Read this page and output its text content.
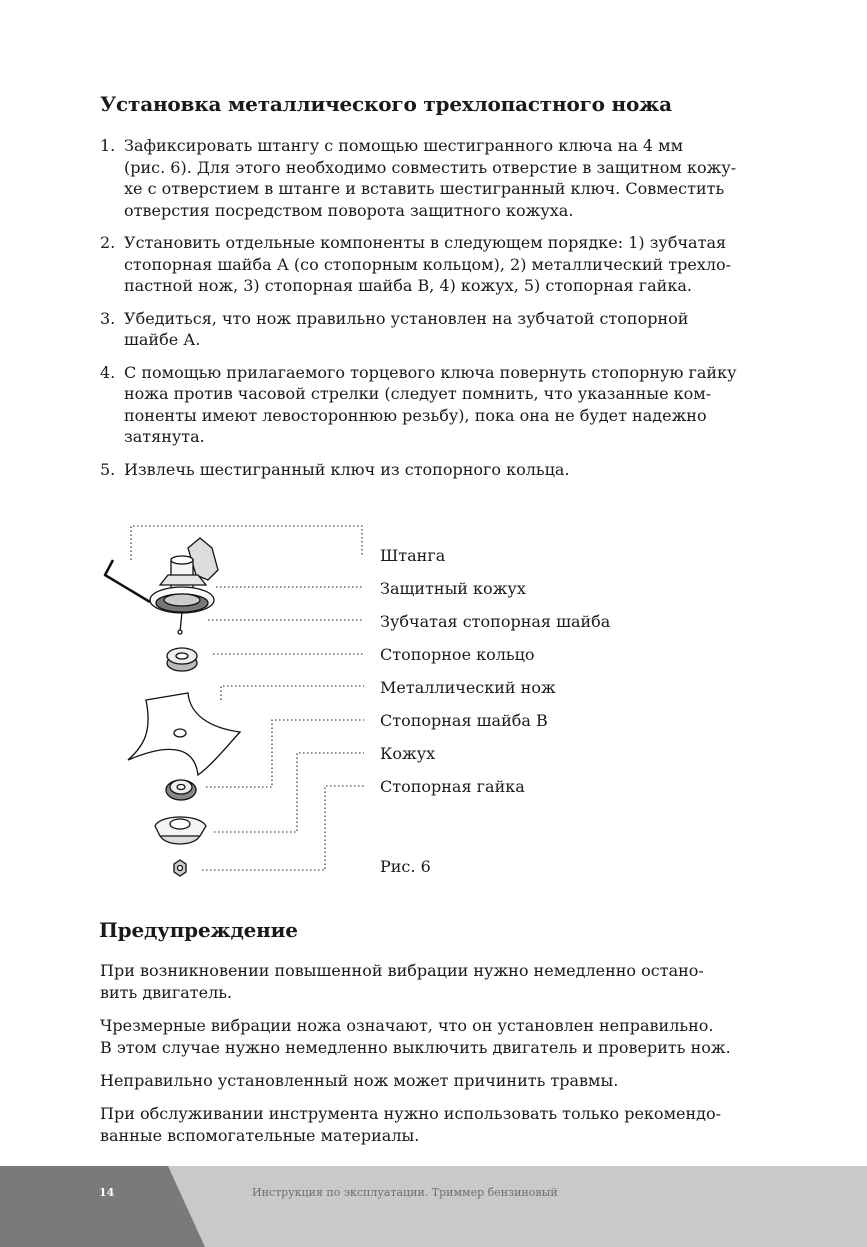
Установка металлического трехлопастного ножа
1. Зафиксировать штангу с помощью шестигранного ключа на 4 мм
(рис. 6). Для этого необходимо совместить отверстие в защитном кожу-
хе с отверстием в штанге и вставить шестигранный ключ. Совместить
отверстия посредством поворота защитного кожуха.
2. Установить отдельные компоненты в следующем порядке: 1) зубчатая
стопорная шайба А (со стопорным кольцом), 2) металлический трехло-
пастной нож, 3) стопорная шайба В, 4) кожух, 5) стопорная гайка.
3. Убедиться, что нож правильно установлен на зубчатой стопорной
шайбе А.
4. С помощью прилагаемого торцевого ключа повернуть стопорную гайку
ножа против часовой стрелки (следует помнить, что указанные ком-
поненты имеют левостороннюю резьбу), пока она не будет надежно
затянута.
5. Извлечь шестигранный ключ из стопорного кольца.
Штанга
Защитный кожух
Зубчатая стопорная шайба
Стопорное кольцо
Металлический нож
Стопорная шайба В
Кожух
Стопорная гайка
Рис. 6
Предупреждение

При возникновении повышенной вибрации нужно немедленно остано-
вить двигатель.

Чрезмерные вибрации ножа означают, что он установлен неправильно.
В этом случае нужно немедленно выключить двигатель и проверить нож.

Неправильно установленный нож может причинить травмы.

При обслуживании инструмента нужно использовать только рекомендо-
ванные вспомогательные материалы.

14	Инструкция по эксплуатации. Триммер бензиновый
